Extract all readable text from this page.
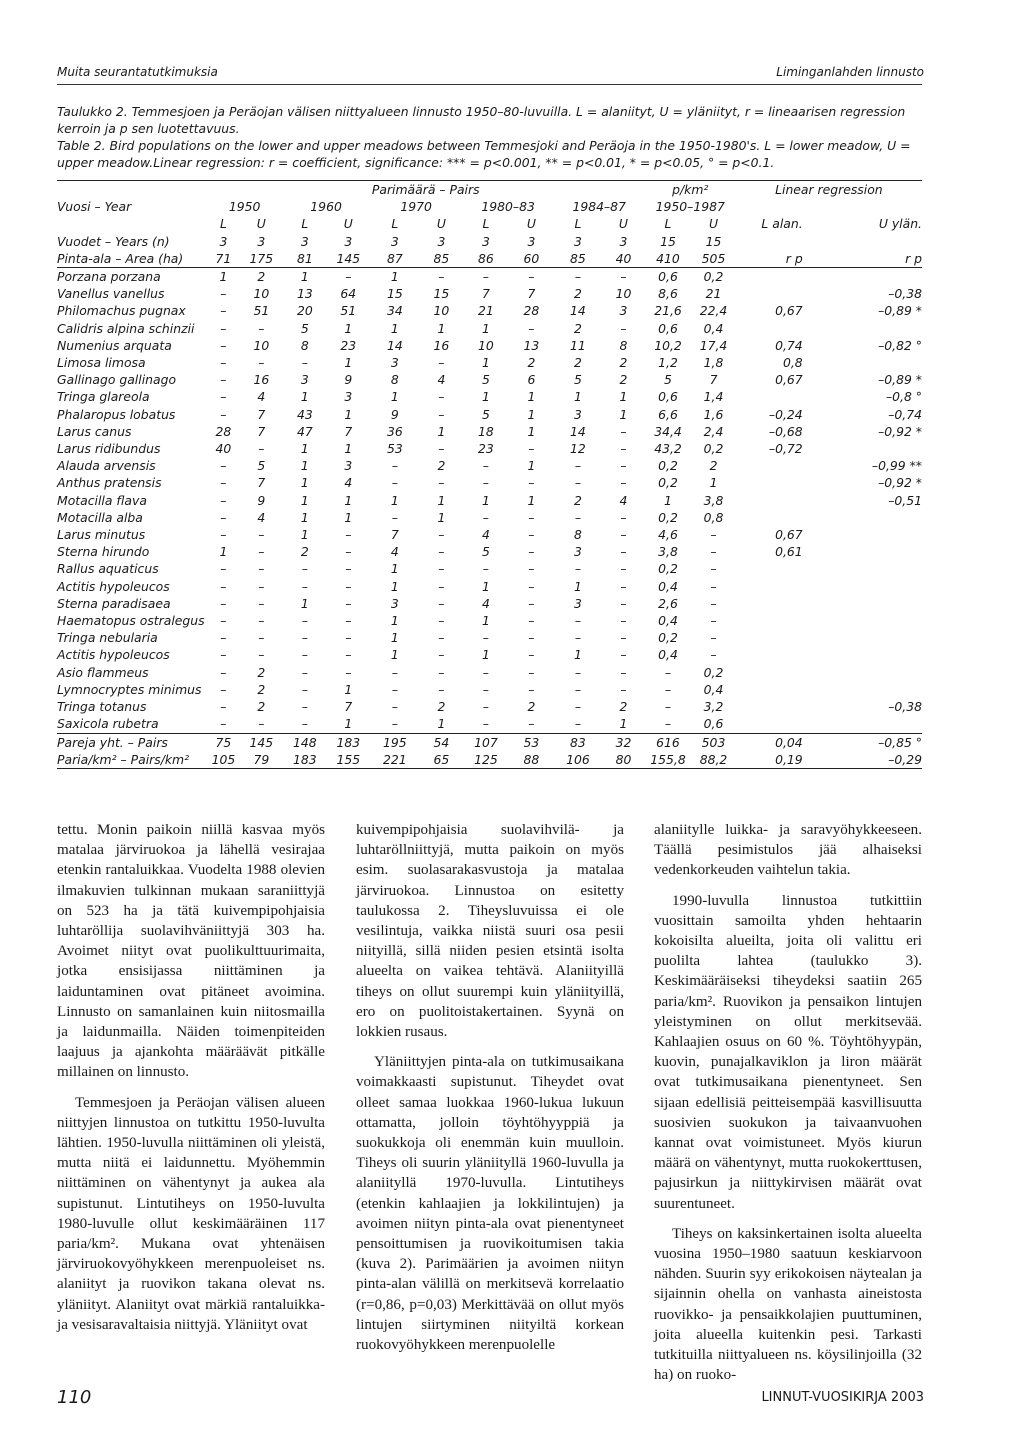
Muita seurantatutkimuksia	Liminganlahden linnusto

Taulukko 2. Temmesjoen ja Peräojan välisen niittyalueen linnusto 1950–80-luvuilla. L = alaniityt, U = yläniityt, r = lineaarisen regression kerroin ja p sen luotettavuus.

Table 2. Bird populations on the lower and upper meadows between Temmesjoki and Peräoja in the 1950-1980's. L = lower meadow, U = upper meadow.Linear regression: r = coefficient, significance: *** = p<0.001, ** = p<0.01, * = p<0.05, ° = p<0.1.

	Parimäärä – Pairs										p/km²		Linear regression	
Vuosi – Year	1950		1960		1970		1980–83		1984–87		1950–1987			
	L	U	L	U	L	U	L	U	L	U	L	U	L alan.	U ylän.
Vuodet – Years (n)	3	3	3	3	3	3	3	3	3	3	15	15		
Pinta-ala – Area (ha)	71	175	81	145	87	85	86	60	85	40	410	505	r p	r p
Porzana porzana	1	2	1	–	1	–	–	–	–	–	0,6	0,2		
Vanellus vanellus	–	10	13	64	15	15	7	7	2	10	8,6	21		–0,38
Philomachus pugnax	–	51	20	51	34	10	21	28	14	3	21,6	22,4	0,67	–0,89 *
Calidris alpina schinzii	–	–	5	1	1	1	1	–	2	–	0,6	0,4		
Numenius arquata	–	10	8	23	14	16	10	13	11	8	10,2	17,4	0,74	–0,82 °
Limosa limosa	–	–	–	1	3	–	1	2	2	2	1,2	1,8	0,8	
Gallinago gallinago	–	16	3	9	8	4	5	6	5	2	5	7	0,67	–0,89 *
Tringa glareola	–	4	1	3	1	–	1	1	1	1	0,6	1,4		–0,8 °
Phalaropus lobatus	–	7	43	1	9	–	5	1	3	1	6,6	1,6	–0,24	–0,74
Larus canus	28	7	47	7	36	1	18	1	14	–	34,4	2,4	–0,68	–0,92 *
Larus ridibundus	40	–	1	1	53	–	23	–	12	–	43,2	0,2	–0,72	
Alauda arvensis	–	5	1	3	–	2	–	1	–	–	0,2	2		–0,99 **
Anthus pratensis	–	7	1	4	–	–	–	–	–	–	0,2	1		–0,92 *
Motacilla flava	–	9	1	1	1	1	1	1	2	4	1	3,8		–0,51
Motacilla alba	–	4	1	1	–	1	–	–	–	–	0,2	0,8		
Larus minutus	–	–	1	–	7	–	4	–	8	–	4,6	–	0,67	
Sterna hirundo	1	–	2	–	4	–	5	–	3	–	3,8	–	0,61	
Rallus aquaticus	–	–	–	–	1	–	–	–	–	–	0,2	–		
Actitis hypoleucos	–	–	–	–	1	–	1	–	1	–	0,4	–		
Sterna paradisaea	–	–	1	–	3	–	4	–	3	–	2,6	–		
Haematopus ostralegus	–	–	–	–	1	–	1	–	–	–	0,4	–		
Tringa nebularia	–	–	–	–	1	–	–	–	–	–	0,2	–		
Actitis hypoleucos	–	–	–	–	1	–	1	–	1	–	0,4	–		
Asio flammeus	–	2	–	–	–	–	–	–	–	–	–	0,2		
Lymnocryptes minimus	–	2	–	1	–	–	–	–	–	–	–	0,4		
Tringa totanus	–	2	–	7	–	2	–	2	–	2	–	3,2		–0,38
Saxicola rubetra	–	–	–	1	–	1	–	–	–	1	–	0,6		
Pareja yht. – Pairs	75	145	148	183	195	54	107	53	83	32	616	503	0,04	–0,85 °
Paria/km² – Pairs/km²	105	79	183	155	221	65	125	88	106	80	155,8	88,2	0,19	–0,29

tettu. Monin paikoin niillä kasvaa myös matalaa järviruokoa ja lähellä vesirajaa etenkin rantaluikkaa. Vuodelta 1988 olevien ilmakuvien tulkinnan mukaan saraniittyjä on 523 ha ja tätä kuivempipohjaisia luhtaröllija suolavihväniittyjä 303 ha. Avoimet niityt ovat puolikulttuurimaita, jotka ensisijassa niittäminen ja laiduntaminen ovat pitäneet avoimina. Linnusto on samanlainen kuin niitosmailla ja laidunmailla. Näiden toimenpiteiden laajuus ja ajankohta määräävät pitkälle millainen on linnusto.

Temmesjoen ja Peräojan välisen alueen niittyjen linnustoa on tutkittu 1950-luvulta lähtien. 1950-luvulla niittäminen oli yleistä, mutta niitä ei laidunnettu. Myöhemmin niittäminen on vähentynyt ja aukea ala supistunut. Lintutiheys on 1950-luvulta 1980-luvulle ollut keskimääräinen 117 paria/km². Mukana ovat yhtenäisen järviruokovyöhykkeen merenpuoleiset ns. alaniityt ja ruovikon takana olevat ns. yläniityt. Alaniityt ovat märkiä rantaluikka- ja vesisaravaltaisia niittyjä. Yläniityt ovat

kuivempipohjaisia suolavihvilä- ja luhtaröllniittyjä, mutta paikoin on myös esim. suolasarakasvustoja ja matalaa järviruokoa. Linnustoa on esitetty taulukossa 2. Tiheysluvuissa ei ole vesilintuja, vaikka niistä suuri osa pesii niityillä, sillä niiden pesien etsintä isolta alueelta on vaikea tehtävä. Alaniityillä tiheys on ollut suurempi kuin yläniityillä, ero on puolitoistakertainen. Syynä on lokkien rusaus.

Yläniittyjen pinta-ala on tutkimusaikana voimakkaasti supistunut. Tiheydet ovat olleet samaa luokkaa 1960-lukua lukuun ottamatta, jolloin töyhtöhyyppiä ja suokukkoja oli enemmän kuin muulloin. Tiheys oli suurin yläniityllä 1960-luvulla ja alaniityllä 1970-luvulla. Lintutiheys (etenkin kahlaajien ja lokkilintujen) ja avoimen niityn pinta-ala ovat pienentyneet pensoittumisen ja ruovikoitumisen takia (kuva 2). Parimäärien ja avoimen niityn pinta-alan välillä on merkitsevä korrelaatio (r=0,86, p=0,03) Merkittävää on ollut myös lintujen siirtyminen niityiltä korkean ruokovyöhykkeen merenpuolelle

alaniitylle luikka- ja saravyöhykkeeseen. Täällä pesimistulos jää alhaiseksi vedenkorkeuden vaihtelun takia.

1990-luvulla linnustoa tutkittiin vuosittain samoilta yhden hehtaarin kokoisilta alueilta, joita oli valittu eri puolilta lahtea (taulukko 3). Keskimääräiseksi tiheydeksi saatiin 265 paria/km². Ruovikon ja pensaikon lintujen yleistyminen on ollut merkitsevää. Kahlaajien osuus on 60 %. Töyhtöhyypän, kuovin, punajalkaviklon ja liron määrät ovat tutkimusaikana pienentyneet. Sen sijaan edellisiä peitteisempää kasvillisuutta suosivien suokukon ja taivaanvuohen kannat ovat voimistuneet. Myös kiurun määrä on vähentynyt, mutta ruokokerttusen, pajusirkun ja niittykirvisen määrät ovat suurentuneet.

Tiheys on kaksinkertainen isolta alueelta vuosina 1950–1980 saatuun keskiarvoon nähden. Suurin syy erikokoisen näytealan ja sijainnin ohella on vanhasta aineistosta ruovikko- ja pensaikkolajien puuttuminen, joita alueella kuitenkin pesi. Tarkasti tutkituilla niittyalueen ns. köysilinjoilla (32 ha) on ruoko-

110	LINNUT-VUOSIKIRJA 2003
